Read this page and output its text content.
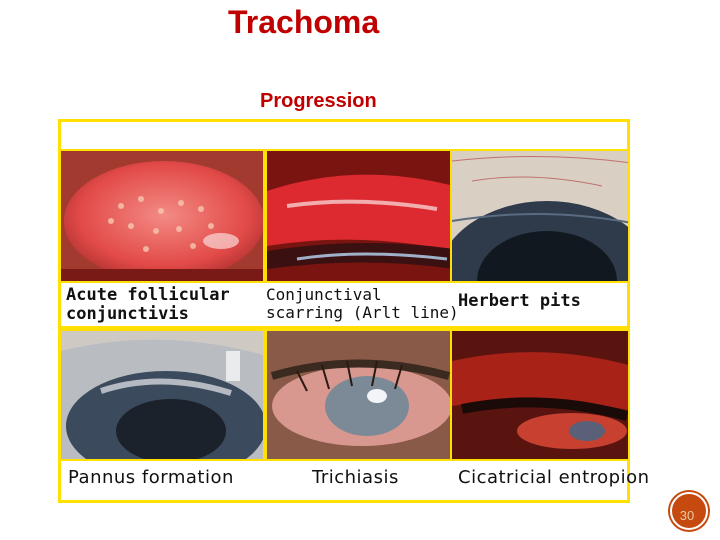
Trachoma
Progression
Acute follicular conjunctivis
Conjunctival
scarring (Arlt line)
Herbert pits
Pannus formation	Trichiasis	Cicatricial entropion
30
